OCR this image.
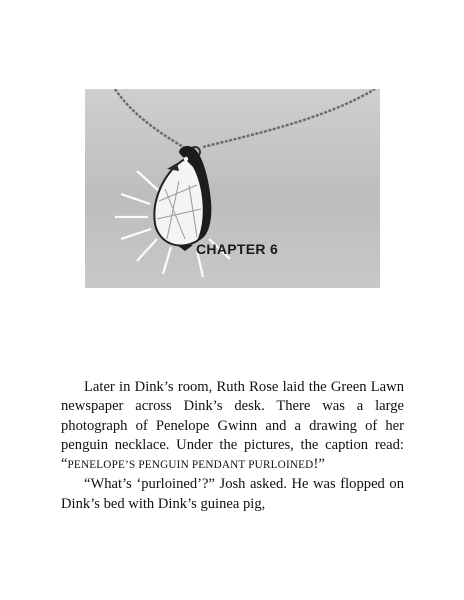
CHAPTER 6

Later in Dink’s room, Ruth Rose laid the Green Lawn newspaper across Dink’s desk. There was a large photograph of Penelope Gwinn and a drawing of her penguin necklace. Under the pictures, the caption read: “PENELOPE’S PENGUIN PENDANT PURLOINED!”

“What’s ‘purloined’?” Josh asked. He was flopped on Dink’s bed with Dink’s guinea pig,
